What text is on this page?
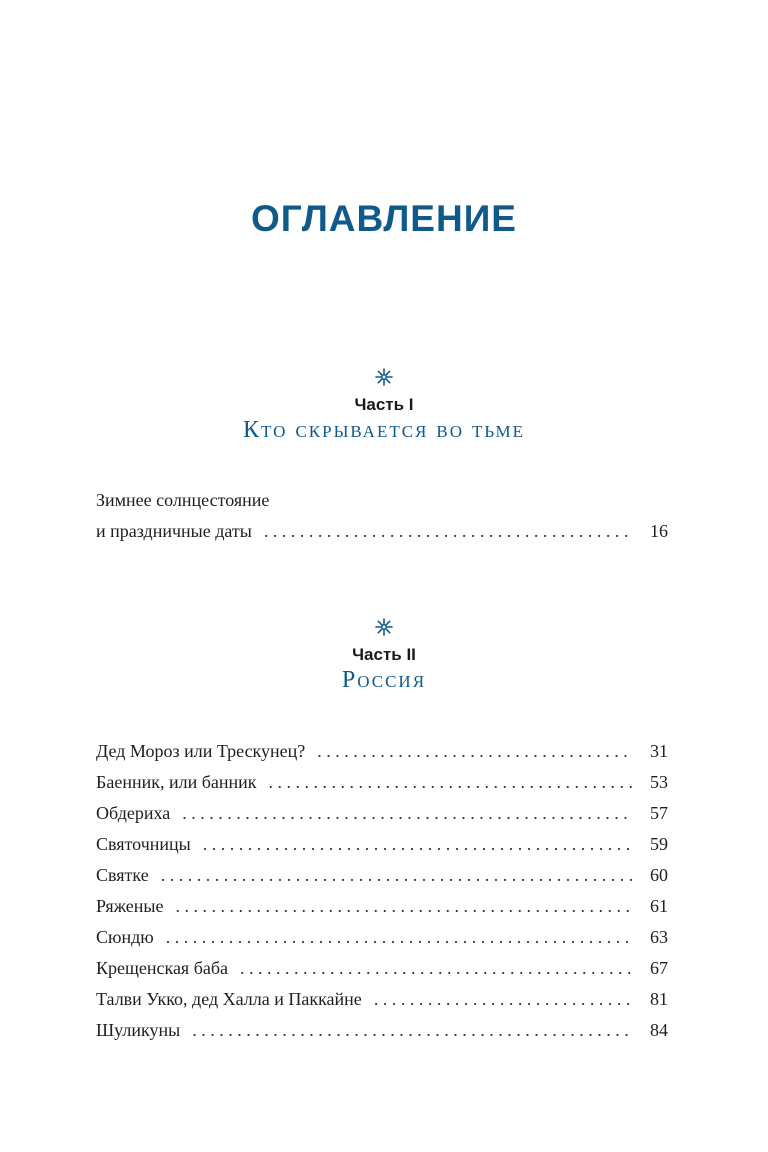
ОГЛАВЛЕНИЕ
Часть I
Кто скрывается во тьме
Зимнее солнцестояние
и праздничные даты . . .	16
Часть II
Россия
Дед Мороз или Трескунец? . . .	31
Баенник, или банник . . .	53
Обдериха . . .	57
Святочницы . . .	59
Святке . . .	60
Ряженые . . .	61
Сюндю . . .	63
Крещенская баба . . .	67
Талви Укко, дед Халла и Паккайне . . .	81
Шуликуны . . .	84
